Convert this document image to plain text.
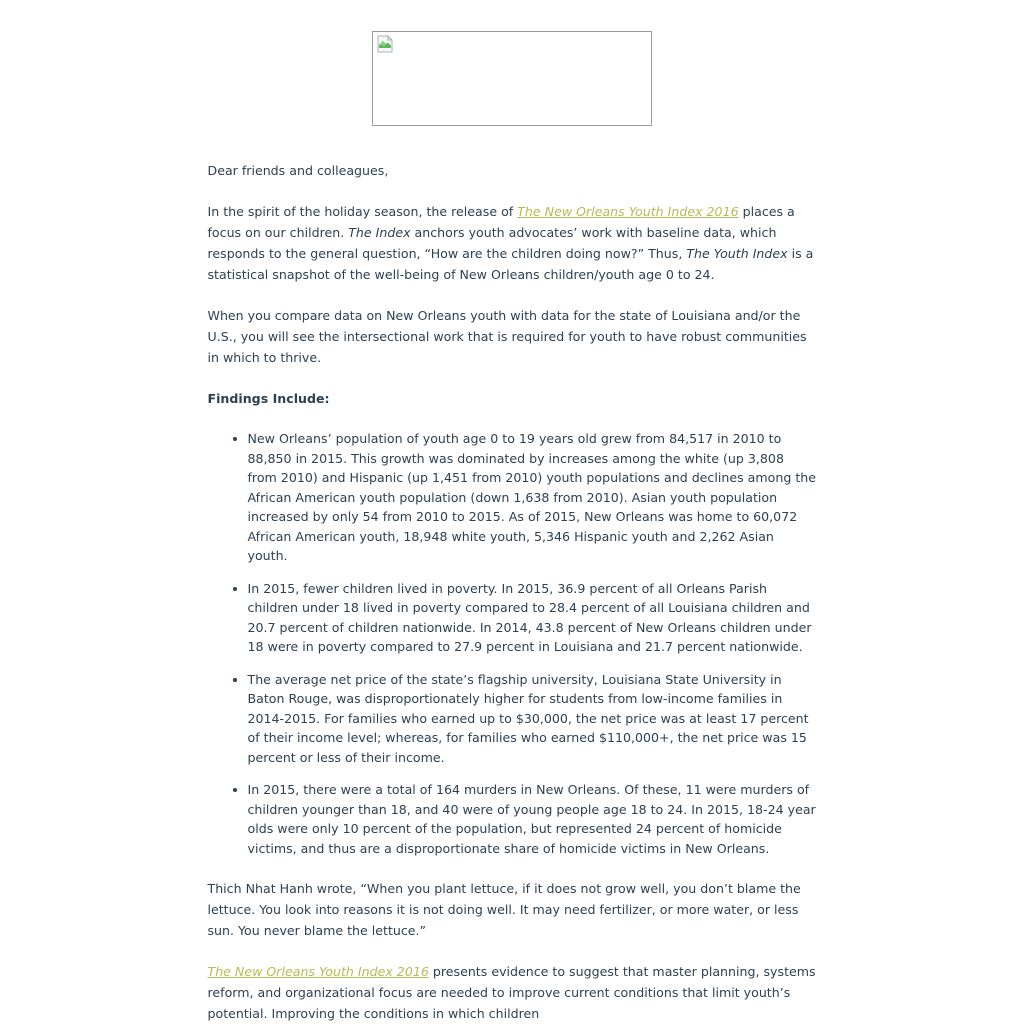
Dear friends and colleagues,

In the spirit of the holiday season, the release of The New Orleans Youth Index 2016 places a focus on our children. The Index anchors youth advocates’ work with baseline data, which responds to the general question, “How are the children doing now?” Thus, The Youth Index is a statistical snapshot of the well-being of New Orleans children/youth age 0 to 24.

When you compare data on New Orleans youth with data for the state of Louisiana and/or the U.S., you will see the intersectional work that is required for youth to have robust communities in which to thrive.

Findings Include:

• New Orleans’ population of youth age 0 to 19 years old grew from 84,517 in 2010 to 88,850 in 2015. This growth was dominated by increases among the white (up 3,808 from 2010) and Hispanic (up 1,451 from 2010) youth populations and declines among the African American youth population (down 1,638 from 2010). Asian youth population increased by only 54 from 2010 to 2015. As of 2015, New Orleans was home to 60,072 African American youth, 18,948 white youth, 5,346 Hispanic youth and 2,262 Asian youth.
• In 2015, fewer children lived in poverty. In 2015, 36.9 percent of all Orleans Parish children under 18 lived in poverty compared to 28.4 percent of all Louisiana children and 20.7 percent of children nationwide. In 2014, 43.8 percent of New Orleans children under 18 were in poverty compared to 27.9 percent in Louisiana and 21.7 percent nationwide.
• The average net price of the state’s flagship university, Louisiana State University in Baton Rouge, was disproportionately higher for students from low-income families in 2014-2015. For families who earned up to $30,000, the net price was at least 17 percent of their income level; whereas, for families who earned $110,000+, the net price was 15 percent or less of their income.
• In 2015, there were a total of 164 murders in New Orleans. Of these, 11 were murders of children younger than 18, and 40 were of young people age 18 to 24. In 2015, 18-24 year olds were only 10 percent of the population, but represented 24 percent of homicide victims, and thus are a disproportionate share of homicide victims in New Orleans.

Thich Nhat Hanh wrote, “When you plant lettuce, if it does not grow well, you don’t blame the lettuce. You look into reasons it is not doing well. It may need fertilizer, or more water, or less sun. You never blame the lettuce.”

The New Orleans Youth Index 2016 presents evidence to suggest that master planning, systems reform, and organizational focus are needed to improve current conditions that limit youth’s potential. Improving the conditions in which children
